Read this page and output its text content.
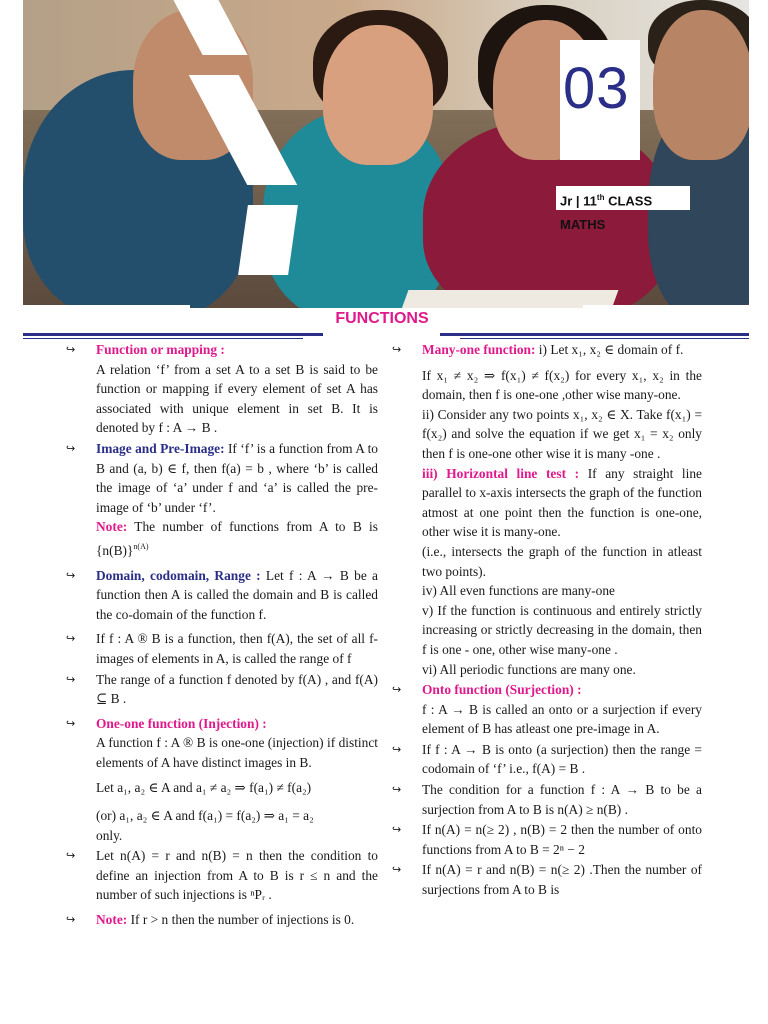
03
Jr | 11th CLASS MATHS
FUNCTIONS
↪	Function or mapping :

A relation ‘f’ from a set A to a set B is said to be function or mapping if every element of set A has associated with unique element in set B. It is denoted by f : A → B .

↪	Image and Pre-Image: If ‘f’ is a function from A to B and (a, b) ∈ f, then f(a) = b , where ‘b’ is called the image of ‘a’ under f and ‘a’ is called the pre-image of ‘b’ under ‘f’.

Note: The number of functions from A to B is $\{n(B)\}^{n(A)}$

↪	Domain, codomain, Range : Let f : A → B be a function then A is called the domain and B is called the co-domain of the function f.

↪	If f : A ® B is a function, then f(A), the set of all f-images of elements in A, is called the range of f

↪	The range of a function f denoted by f(A) , and f(A) ⊆ B .

↪	One-one function (Injection) :

A function f : A ® B is one-one (injection) if distinct elements of A have distinct images in B.

Let a₁, a₂ ∈ A and a₁ ≠ a₂ ⇒ f(a₁) ≠ f(a₂)

(or) a₁, a₂ ∈ A and f(a₁) = f(a₂) ⇒ a₁ = a₂

only.

↪	Let n(A) = r and n(B) = n then the condition to define an injection from A to B is r ≤ n and the number of such injections is ⁿPᵣ .

↪	Note: If r > n then the number of injections is 0.

↪	Many-one function: i) Let x₁, x₂ ∈ domain of f.

If x₁ ≠ x₂ ⇒ f(x₁) ≠ f(x₂) for every x₁, x₂ in the domain, then f is one-one ,other wise many-one.

ii) Consider any two points x₁, x₂ ∈ X. Take f(x₁) = f(x₂) and solve the equation if we get x₁ = x₂ only then f is one-one other wise it is many -one .

iii) Horizontal line test : If any straight line parallel to x-axis intersects the graph of the function atmost at one point then the function is one-one, other wise it is many-one.

(i.e., intersects the graph of the function in atleast two points).

iv) All even functions are many-one

v) If the function is continuous and entirely strictly increasing or strictly decreasing in the domain, then f is one - one, other wise many-one .

vi) All periodic functions are many one.

↪	Onto function (Surjection) :

f : A → B is called an onto or a surjection if every element of B has atleast one pre-image in A.

↪	If f : A → B is onto (a surjection) then the range = codomain of ‘f’ i.e., f(A) = B .

↪	The condition for a function f : A → B to be a surjection from A to B is n(A) ≥ n(B) .

↪	If n(A) = n(≥ 2) , n(B) = 2 then the number of onto functions from A to B = 2ⁿ − 2

↪	If n(A) = r and n(B) = n(≥ 2) .Then the number of surjections from A to B is
